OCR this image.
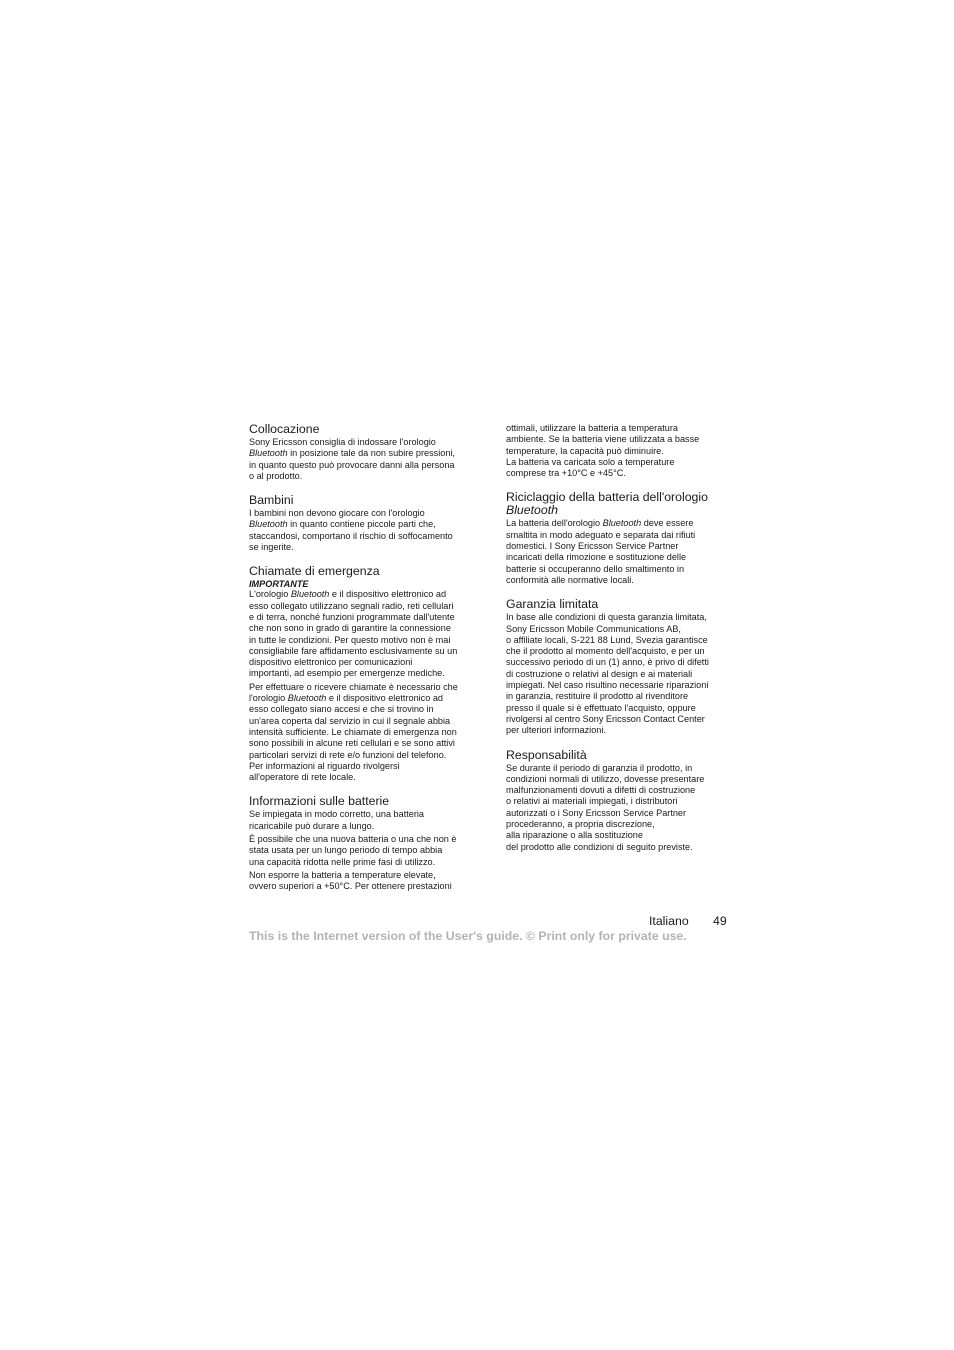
Collocazione

Sony Ericsson consiglia di indossare l'orologio Bluetooth in posizione tale da non subire pressioni,
in quanto questo può provocare danni alla persona
o al prodotto.

Bambini

I bambini non devono giocare con l'orologio
Bluetooth in quanto contiene piccole parti che,
staccandosi, comportano il rischio di soffocamento
se ingerite.

Chiamate di emergenza
IMPORTANTE

L'orologio Bluetooth e il dispositivo elettronico ad
esso collegato utilizzano segnali radio, reti cellulari
e di terra, nonché funzioni programmate dall'utente
che non sono in grado di garantire la connessione
in tutte le condizioni. Per questo motivo non è mai
consigliabile fare affidamento esclusivamente su un
dispositivo elettronico per comunicazioni
importanti, ad esempio per emergenze mediche.

Per effettuare o ricevere chiamate è necessario che
l'orologio Bluetooth e il dispositivo elettronico ad
esso collegato siano accesi e che si trovino in
un'area coperta dal servizio in cui il segnale abbia
intensità sufficiente. Le chiamate di emergenza non
sono possibili in alcune reti cellulari e se sono attivi
particolari servizi di rete e/o funzioni del telefono.
Per informazioni al riguardo rivolgersi
all'operatore di rete locale.

Informazioni sulle batterie

Se impiegata in modo corretto, una batteria
ricaricabile può durare a lungo.

È possibile che una nuova batteria o una che non è
stata usata per un lungo periodo di tempo abbia
una capacità ridotta nelle prime fasi di utilizzo.

Non esporre la batteria a temperature elevate,
ovvero superiori a +50°C. Per ottenere prestazioni

ottimali, utilizzare la batteria a temperatura
ambiente. Se la batteria viene utilizzata a basse
temperature, la capacità può diminuire.
La batteria va caricata solo a temperature
comprese tra +10°C e +45°C.

Riciclaggio della batteria dell'orologio
Bluetooth

La batteria dell'orologio Bluetooth deve essere
smaltita in modo adeguato e separata dai rifiuti
domestici. I Sony Ericsson Service Partner
incaricati della rimozione e sostituzione delle
batterie si occuperanno dello smaltimento in
conformità alle normative locali.

Garanzia limitata

In base alle condizioni di questa garanzia limitata,
Sony Ericsson Mobile Communications AB,
o affiliate locali, S-221 88 Lund, Svezia garantisce
che il prodotto al momento dell'acquisto, e per un
successivo periodo di un (1) anno, è privo di difetti
di costruzione o relativi al design e ai materiali
impiegati. Nel caso risultino necessarie riparazioni
in garanzia, restituire il prodotto al rivenditore
presso il quale si è effettuato l'acquisto, oppure
rivolgersi al centro Sony Ericsson Contact Center
per ulteriori informazioni.

Responsabilità

Se durante il periodo di garanzia il prodotto, in
condizioni normali di utilizzo, dovesse presentare
malfunzionamenti dovuti a difetti di costruzione
o relativi ai materiali impiegati, i distributori
autorizzati o i Sony Ericsson Service Partner
procederanno, a propria discrezione,
alla riparazione o alla sostituzione
del prodotto alle condizioni di seguito previste.

Italiano 49
This is the Internet version of the User's guide. © Print only for private use.
